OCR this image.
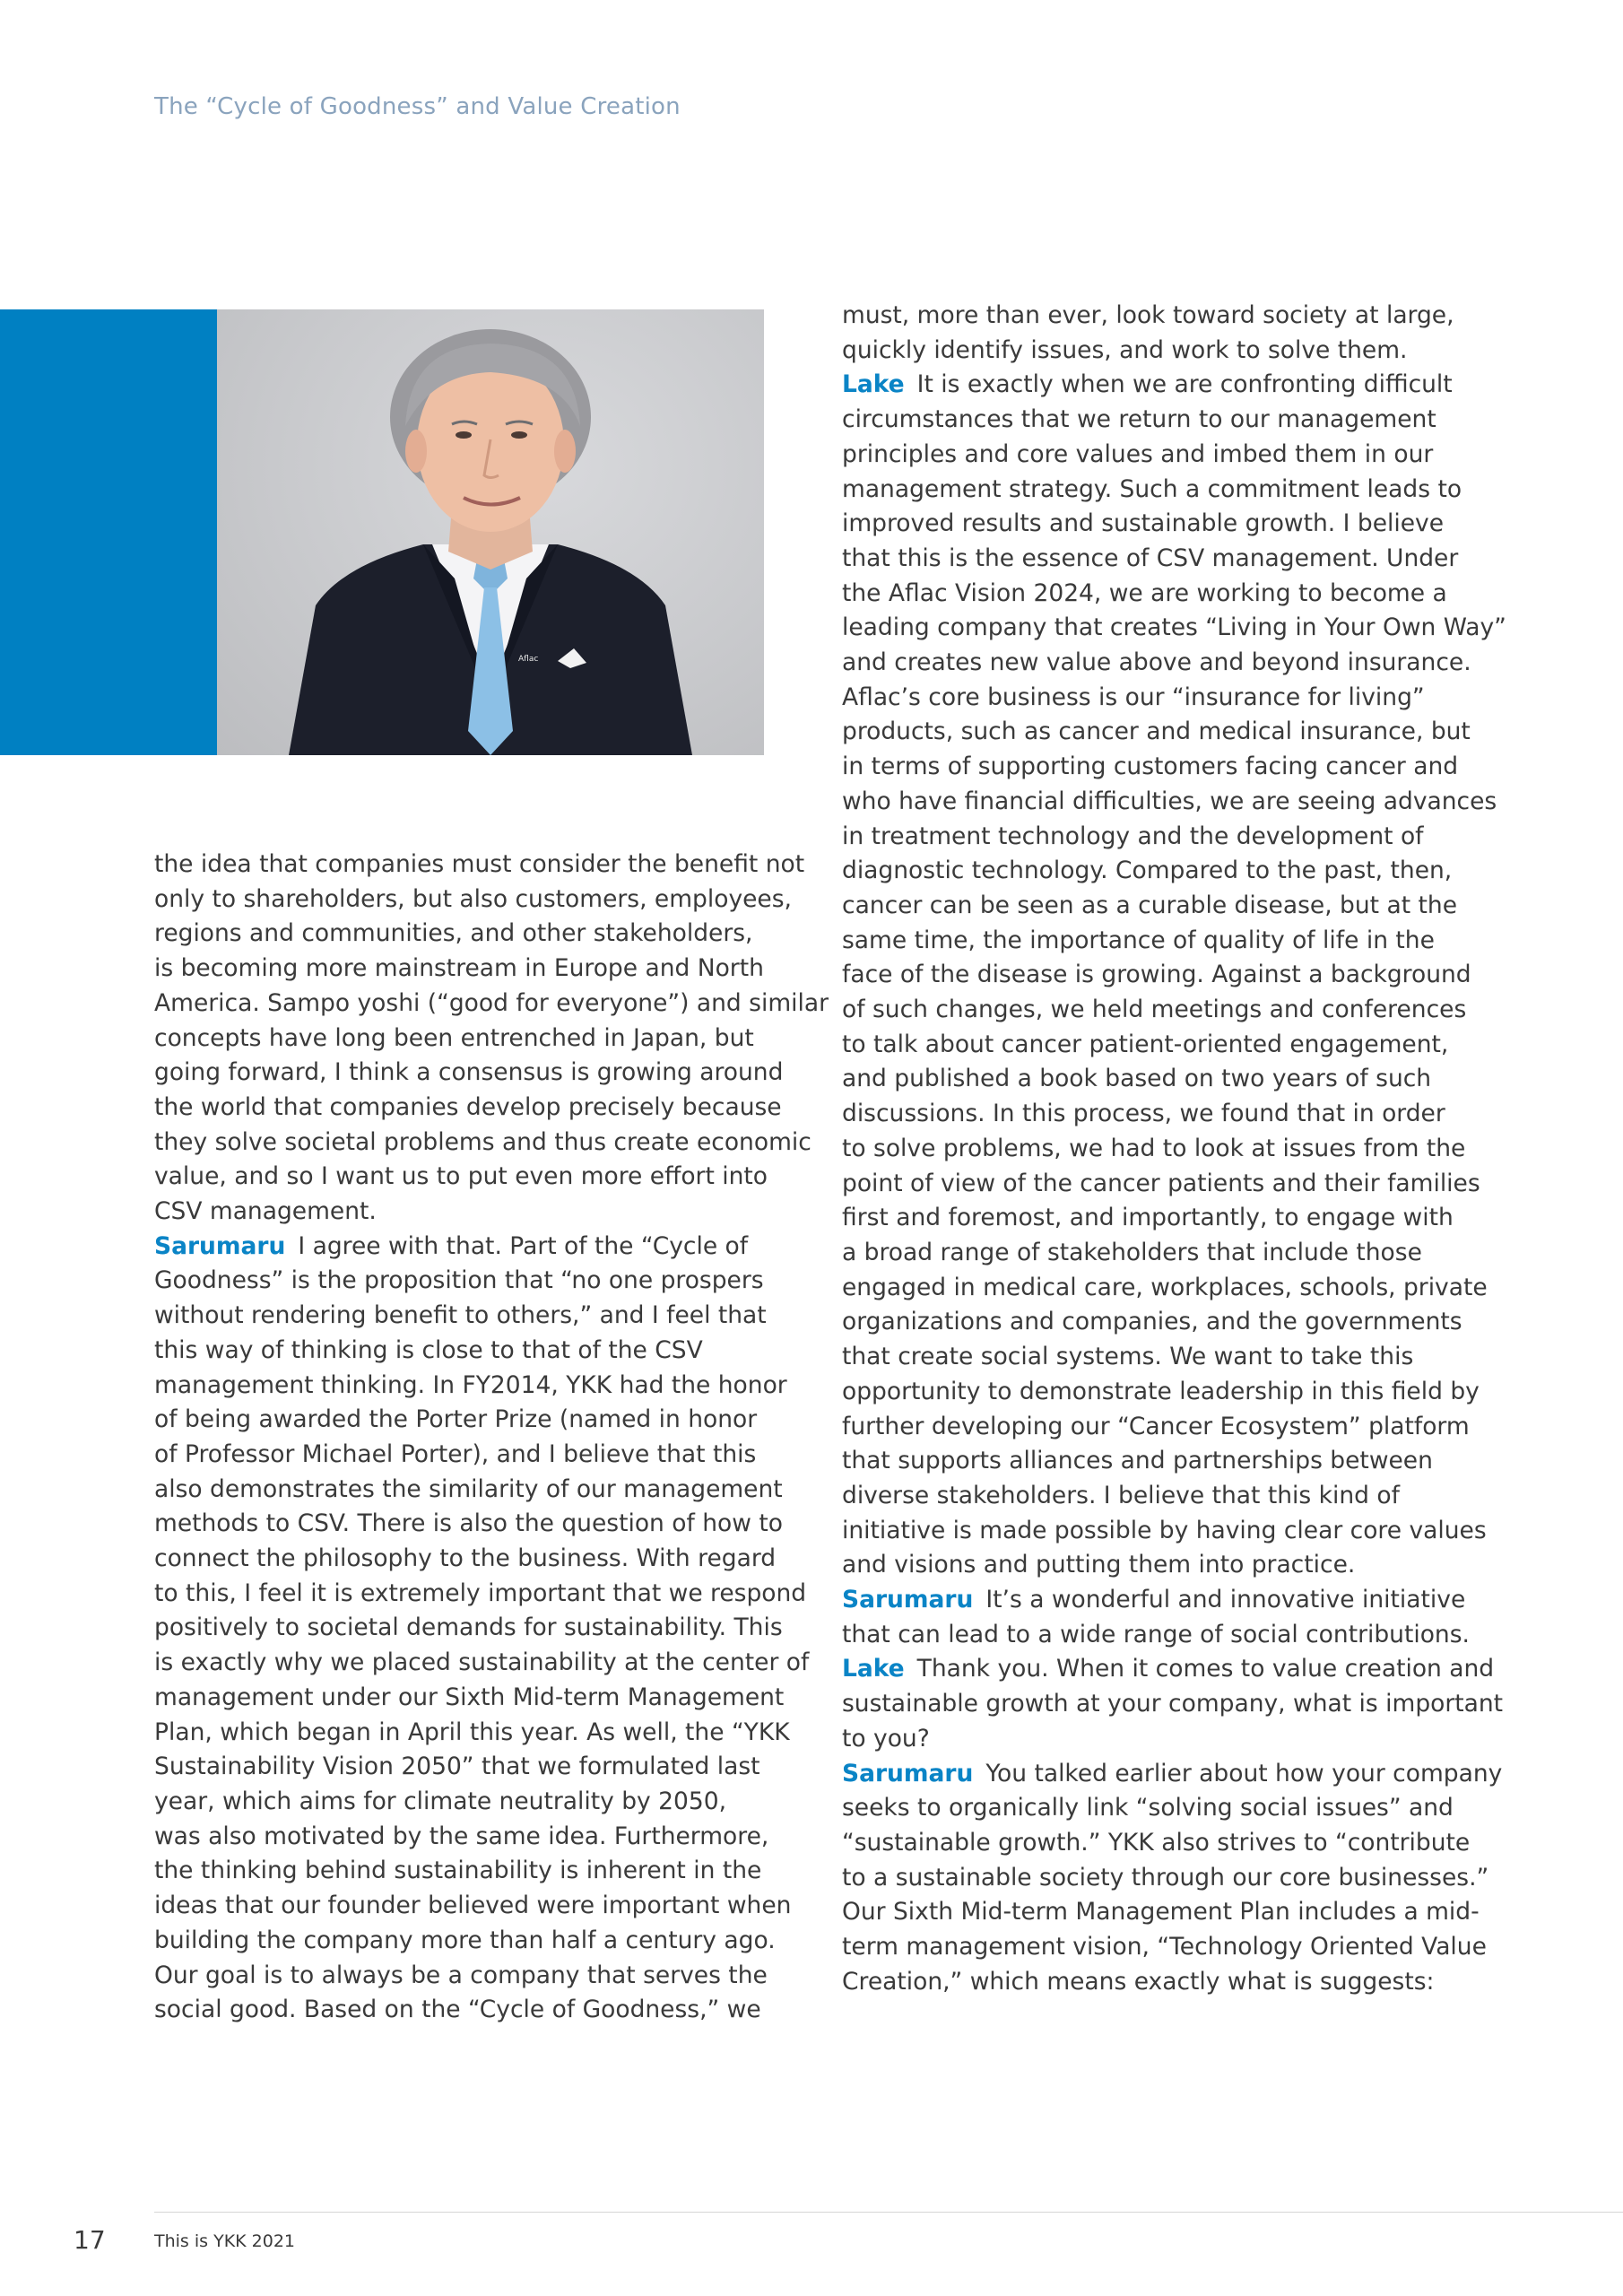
The “Cycle of Goodness” and Value Creation
Aflac
the idea that companies must consider the benefit not
only to shareholders, but also customers, employees,
regions and communities, and other stakeholders,
is becoming more mainstream in Europe and North
America. Sampo yoshi (“good for everyone”) and similar
concepts have long been entrenched in Japan, but
going forward, I think a consensus is growing around
the world that companies develop precisely because
they solve societal problems and thus create economic
value, and so I want us to put even more effort into
CSV management.
Sarumaru I agree with that. Part of the “Cycle of
Goodness” is the proposition that “no one prospers
without rendering benefit to others,” and I feel that
this way of thinking is close to that of the CSV
management thinking. In FY2014, YKK had the honor
of being awarded the Porter Prize (named in honor
of Professor Michael Porter), and I believe that this
also demonstrates the similarity of our management
methods to CSV. There is also the question of how to
connect the philosophy to the business. With regard
to this, I feel it is extremely important that we respond
positively to societal demands for sustainability. This
is exactly why we placed sustainability at the center of
management under our Sixth Mid-term Management
Plan, which began in April this year. As well, the “YKK
Sustainability Vision 2050” that we formulated last
year, which aims for climate neutrality by 2050,
was also motivated by the same idea. Furthermore,
the thinking behind sustainability is inherent in the
ideas that our founder believed were important when
building the company more than half a century ago.
Our goal is to always be a company that serves the
social good. Based on the “Cycle of Goodness,” we
must, more than ever, look toward society at large,
quickly identify issues, and work to solve them.
Lake It is exactly when we are confronting difficult
circumstances that we return to our management
principles and core values and imbed them in our
management strategy. Such a commitment leads to
improved results and sustainable growth. I believe
that this is the essence of CSV management. Under
the Aflac Vision 2024, we are working to become a
leading company that creates “Living in Your Own Way”
and creates new value above and beyond insurance.
Aflac’s core business is our “insurance for living”
products, such as cancer and medical insurance, but
in terms of supporting customers facing cancer and
who have financial difficulties, we are seeing advances
in treatment technology and the development of
diagnostic technology. Compared to the past, then,
cancer can be seen as a curable disease, but at the
same time, the importance of quality of life in the
face of the disease is growing. Against a background
of such changes, we held meetings and conferences
to talk about cancer patient-oriented engagement,
and published a book based on two years of such
discussions. In this process, we found that in order
to solve problems, we had to look at issues from the
point of view of the cancer patients and their families
first and foremost, and importantly, to engage with
a broad range of stakeholders that include those
engaged in medical care, workplaces, schools, private
organizations and companies, and the governments
that create social systems. We want to take this
opportunity to demonstrate leadership in this field by
further developing our “Cancer Ecosystem” platform
that supports alliances and partnerships between
diverse stakeholders. I believe that this kind of
initiative is made possible by having clear core values
and visions and putting them into practice.
Sarumaru It’s a wonderful and innovative initiative
that can lead to a wide range of social contributions.
Lake Thank you. When it comes to value creation and
sustainable growth at your company, what is important
to you?
Sarumaru You talked earlier about how your company
seeks to organically link “solving social issues” and
“sustainable growth.” YKK also strives to “contribute
to a sustainable society through our core businesses.”
Our Sixth Mid-term Management Plan includes a mid-
term management vision, “Technology Oriented Value
Creation,” which means exactly what is suggests:
17	This is YKK 2021
